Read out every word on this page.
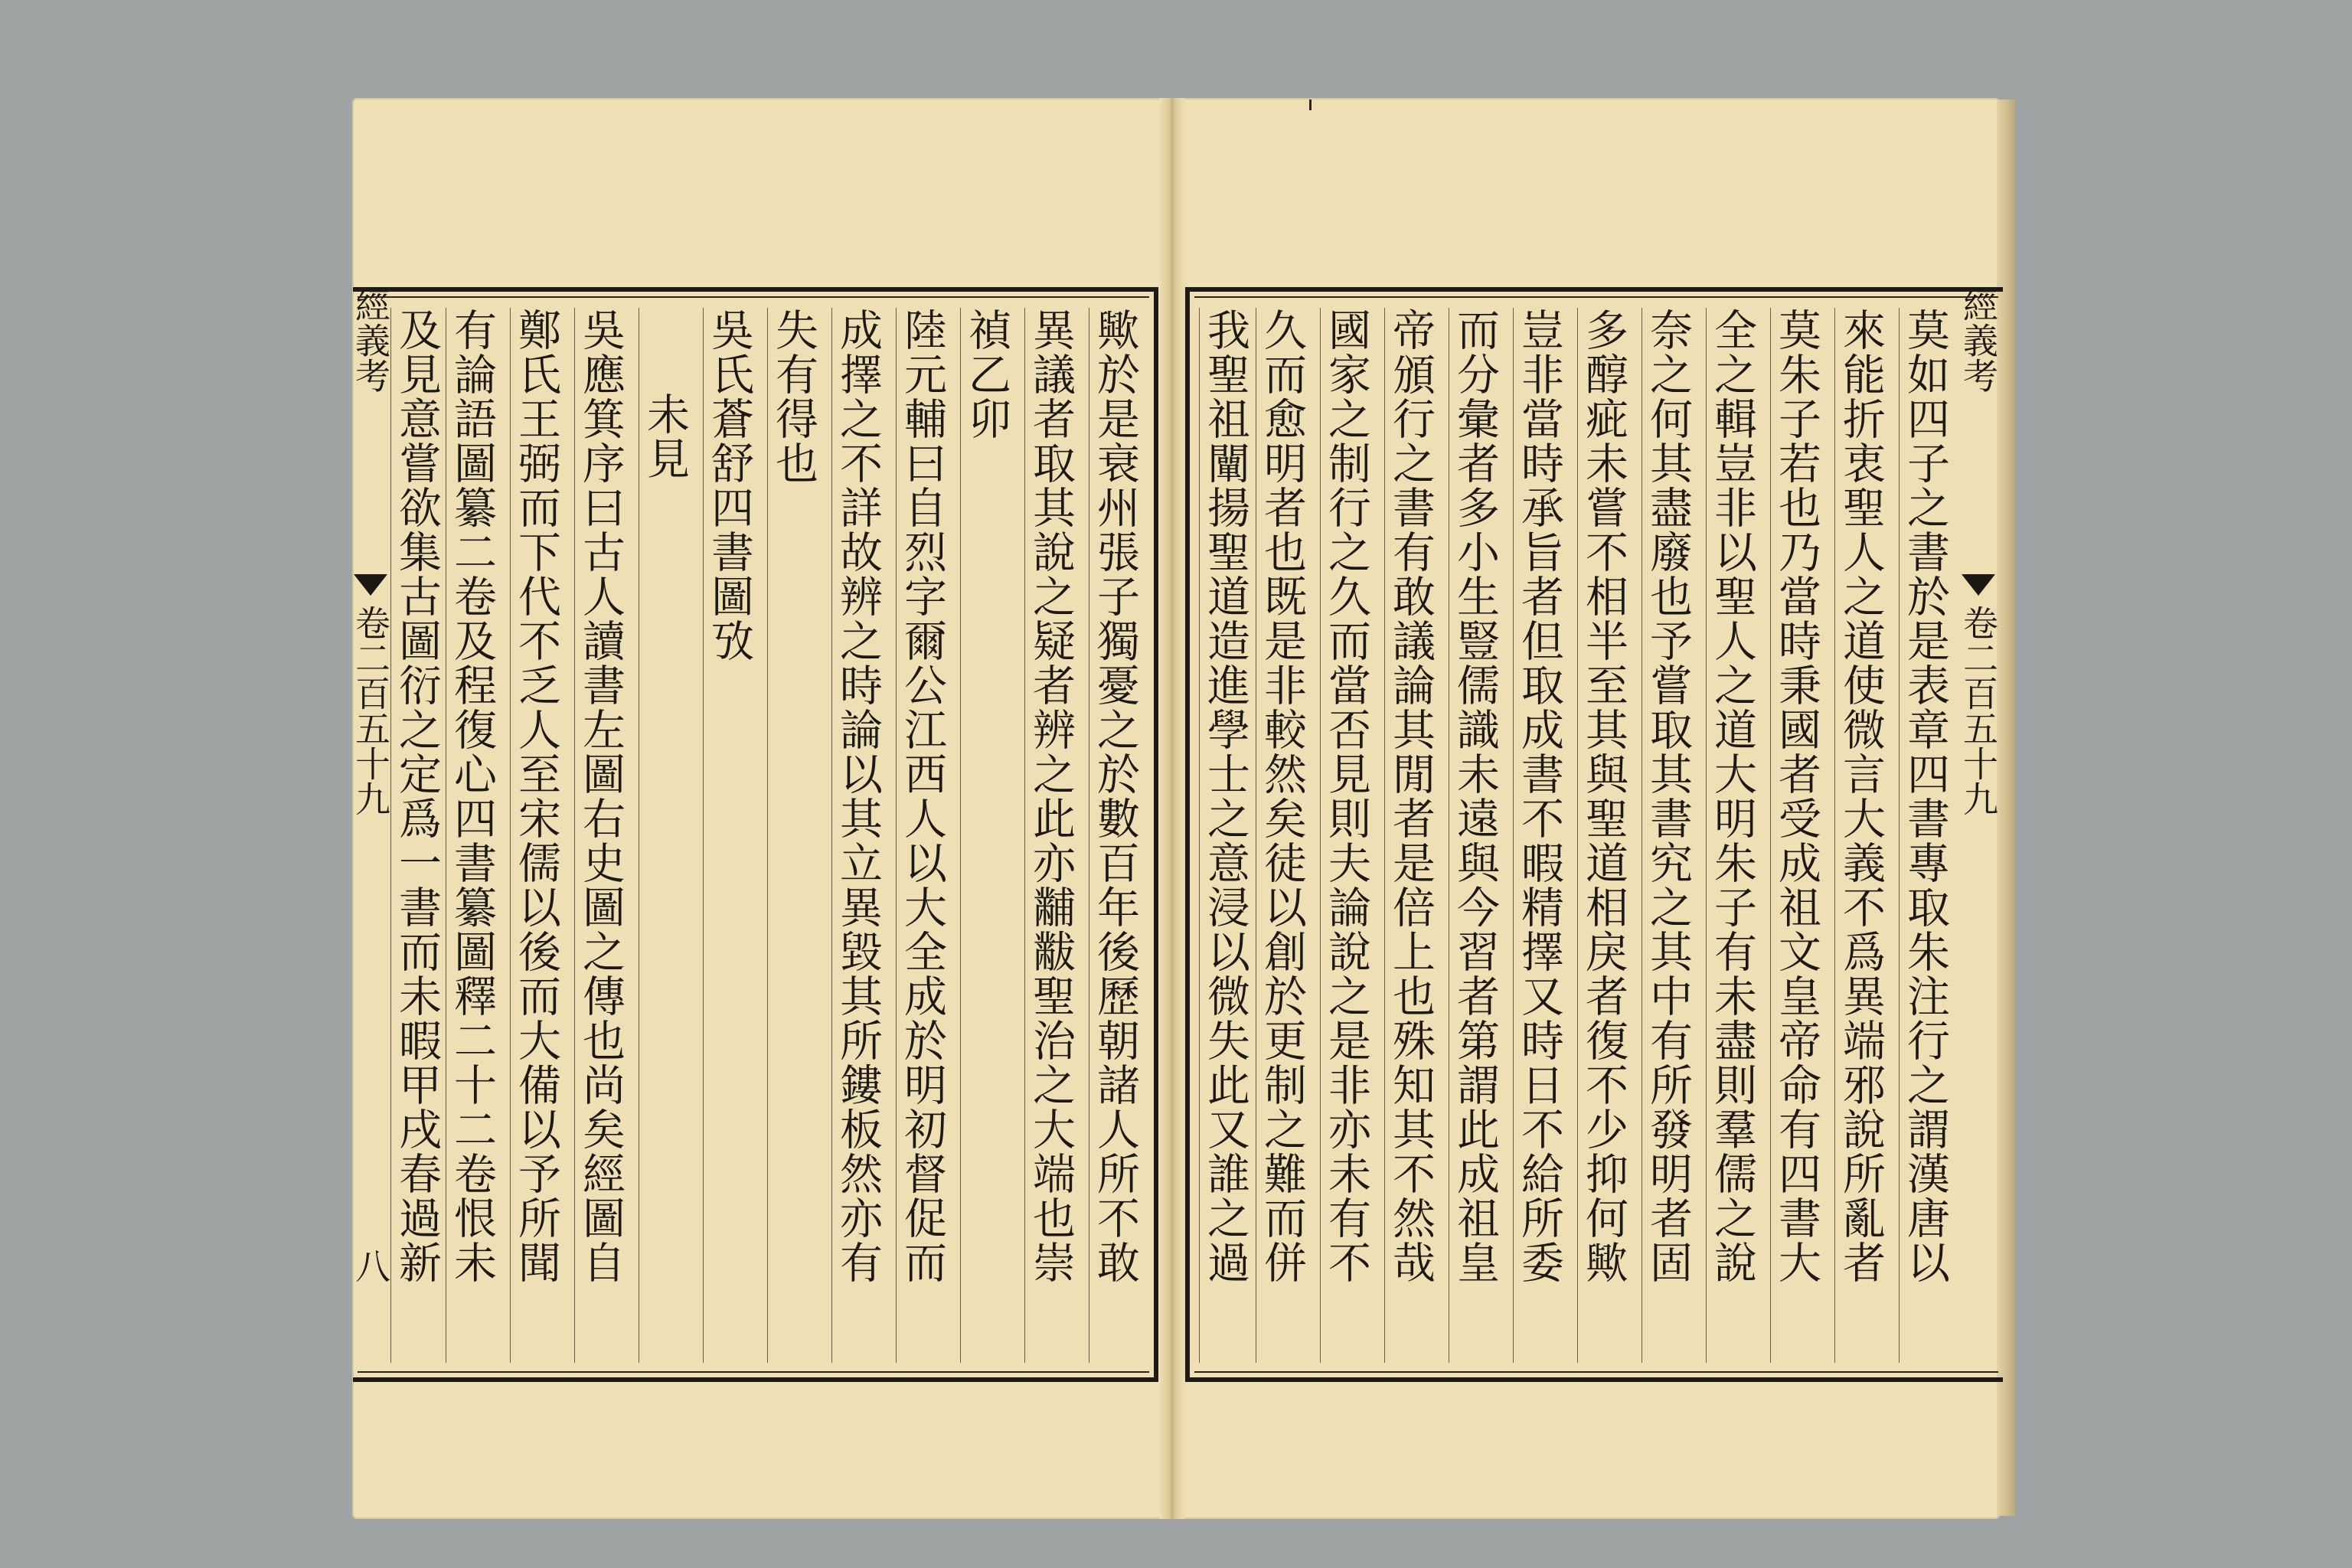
經義考
卷二百五十九
八	歟於是衰州張子獨憂之於數百年後歷朝諸人所不敢
異議者取其說之疑者辨之此亦黼黻聖治之大端也崇
禎乙卯
陸元輔曰自烈字爾公江西人以大全成於明初督促而
成擇之不詳故辨之時論以其立異毀其所鏤板然亦有
失有得也
吳氏蒼舒四書圖攷
未見
吳應箕序曰古人讀書左圖右史圖之傳也尚矣經圖自
鄭氏王弼而下代不乏人至宋儒以後而大備以予所聞
有論語圖纂二卷及程復心四書纂圖釋二十二卷恨未
及見意嘗欲集古圖衍之定爲一書而未暇甲戌春過新	莫如四子之書於是表章四書專取朱注行之謂漢唐以
來能折衷聖人之道使微言大義不爲異端邪說所亂者
莫朱子若也乃當時秉國者受成祖文皇帝命有四書大
全之輯豈非以聖人之道大明朱子有未盡則羣儒之說
奈之何其盡廢也予嘗取其書究之其中有所發明者固
多醇疵未嘗不相半至其與聖道相戾者復不少抑何歟
豈非當時承旨者但取成書不暇精擇又時日不給所委
而分彙者多小生豎儒識未遠與今習者第謂此成祖皇
帝頒行之書有敢議論其閒者是倍上也殊知其不然哉
國家之制行之久而當否見則夫論說之是非亦未有不
久而愈明者也既是非較然矣徒以創於更制之難而併
我聖祖闡揚聖道造進學士之意浸以微失此又誰之過	經義考
卷二百五十九
